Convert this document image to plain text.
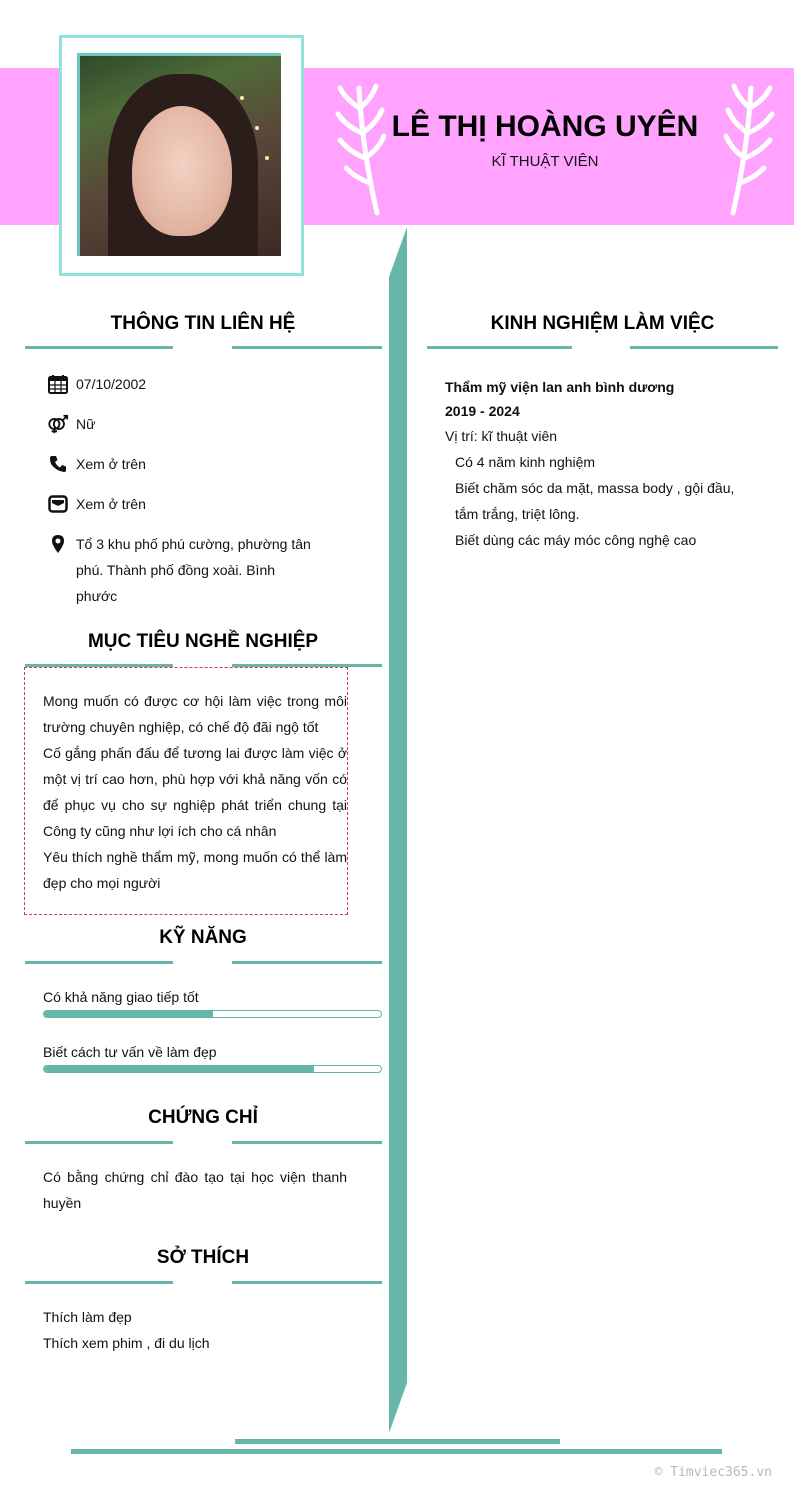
LÊ THỊ HOÀNG UYÊN
KĨ THUẬT VIÊN
THÔNG TIN LIÊN HỆ
07/10/2002
Nữ
Xem ở trên
Xem ở trên
Tổ 3 khu phố phú cường, phường tân phú. Thành phố đồng xoài. Bình phước
MỤC TIÊU NGHỀ NGHIỆP
Mong muốn có được cơ hội làm việc trong môi trường chuyên nghiệp, có chế độ đãi ngộ tốt
Cố gắng phấn đấu để tương lai được làm việc ở một vị trí cao hơn, phù hợp với khả năng vốn có để phục vụ cho sự nghiệp phát triển chung tại Công ty cũng như lợi ích cho cá nhân
Yêu thích nghề thẩm mỹ, mong muốn có thể làm đẹp cho mọi người
KỸ NĂNG
Có khả năng giao tiếp tốt
Biết cách tư vấn về làm đẹp
CHỨNG CHỈ
Có bằng chứng chỉ đào tạo tại học viện thanh huyền
SỞ THÍCH
Thích làm đẹp
Thích xem phim , đi du lịch
KINH NGHIỆM LÀM VIỆC
Thẩm mỹ viện lan anh bình dương
2019 - 2024
Vị trí: kĩ thuật viên
Có 4 năm kinh nghiệm
Biết chăm sóc da mặt, massa body , gội đầu, tắm trắng, triệt lông.
Biết dùng các máy móc công nghệ cao
© Timviec365.vn
